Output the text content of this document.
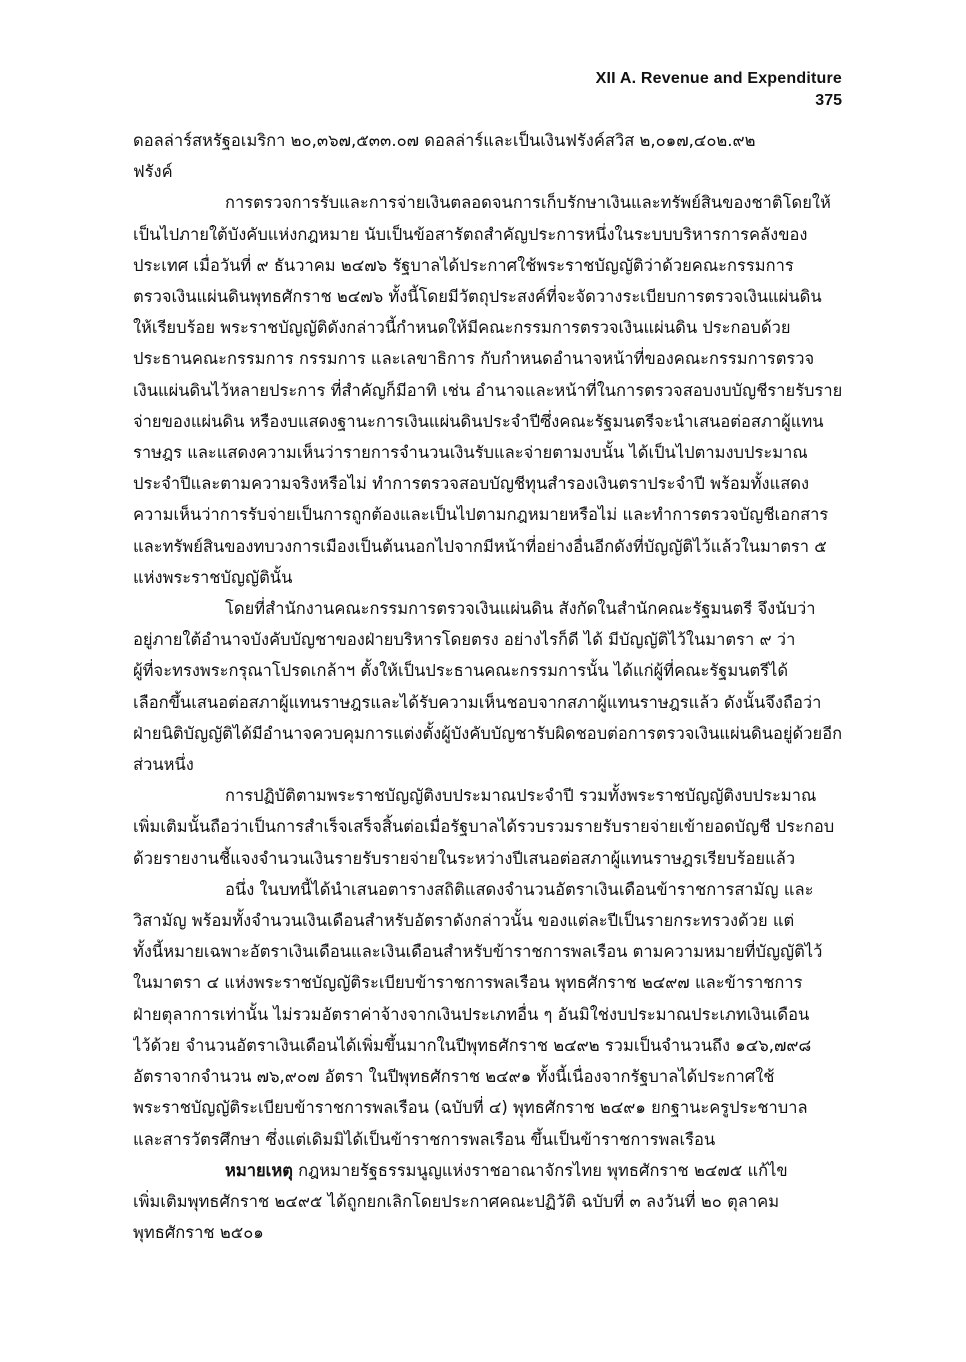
XII A. Revenue and Expenditure
375
ดอลล่าร์สหรัฐอเมริกา ๒๐,๓๖๗,๕๓๓.๐๗ ดอลล่าร์และเป็นเงินฟรังค์สวิส ๒,๐๑๗,๔๐๒.๙๒
ฟรังค์
การตรวจการรับและการจ่ายเงินตลอดจนการเก็บรักษาเงินและทรัพย์สินของชาติโดยให้
เป็นไปภายใต้บังคับแห่งกฎหมาย นับเป็นข้อสารัตถสำคัญประการหนึ่งในระบบบริหารการคลังของ
ประเทศ เมื่อวันที่ ๙ ธันวาคม ๒๔๗๖ รัฐบาลได้ประกาศใช้พระราชบัญญัติว่าด้วยคณะกรรมการ
ตรวจเงินแผ่นดินพุทธศักราช ๒๔๗๖ ทั้งนี้โดยมีวัตถุประสงค์ที่จะจัดวางระเบียบการตรวจเงินแผ่นดิน
ให้เรียบร้อย พระราชบัญญัติดังกล่าวนี้กำหนดให้มีคณะกรรมการตรวจเงินแผ่นดิน ประกอบด้วย
ประธานคณะกรรมการ กรรมการ และเลขาธิการ กับกำหนดอำนาจหน้าที่ของคณะกรรมการตรวจ
เงินแผ่นดินไว้หลายประการ ที่สำคัญก็มีอาทิ เช่น อำนาจและหน้าที่ในการตรวจสอบงบบัญชีรายรับราย
จ่ายของแผ่นดิน หรืองบแสดงฐานะการเงินแผ่นดินประจำปีซึ่งคณะรัฐมนตรีจะนำเสนอต่อสภาผู้แทน
ราษฎร และแสดงความเห็นว่ารายการจำนวนเงินรับและจ่ายตามงบนั้น ได้เป็นไปตามงบประมาณ
ประจำปีและตามความจริงหรือไม่ ทำการตรวจสอบบัญชีทุนสำรองเงินตราประจำปี พร้อมทั้งแสดง
ความเห็นว่าการรับจ่ายเป็นการถูกต้องและเป็นไปตามกฎหมายหรือไม่ และทำการตรวจบัญชีเอกสาร
และทรัพย์สินของทบวงการเมืองเป็นต้นนอกไปจากมีหน้าที่อย่างอื่นอีกดังที่บัญญัติไว้แล้วในมาตรา ๕
แห่งพระราชบัญญัตินั้น
โดยที่สำนักงานคณะกรรมการตรวจเงินแผ่นดิน สังกัดในสำนักคณะรัฐมนตรี จึงนับว่า
อยู่ภายใต้อำนาจบังคับบัญชาของฝ่ายบริหารโดยตรง อย่างไรก็ดี ได้ มีบัญญัติไว้ในมาตรา ๙ ว่า
ผู้ที่จะทรงพระกรุณาโปรดเกล้าฯ ตั้งให้เป็นประธานคณะกรรมการนั้น ได้แก่ผู้ที่คณะรัฐมนตรีได้
เลือกขึ้นเสนอต่อสภาผู้แทนราษฎรและได้รับความเห็นชอบจากสภาผู้แทนราษฎรแล้ว ดังนั้นจึงถือว่า
ฝ่ายนิติบัญญัติได้มีอำนาจควบคุมการแต่งตั้งผู้บังคับบัญชารับผิดชอบต่อการตรวจเงินแผ่นดินอยู่ด้วยอีก
ส่วนหนึ่ง
การปฏิบัติตามพระราชบัญญัติงบประมาณประจำปี รวมทั้งพระราชบัญญัติงบประมาณ
เพิ่มเติมนั้นถือว่าเป็นการสำเร็จเสร็จสิ้นต่อเมื่อรัฐบาลได้รวบรวมรายรับรายจ่ายเข้ายอดบัญชี ประกอบ
ด้วยรายงานชี้แจงจำนวนเงินรายรับรายจ่ายในระหว่างปีเสนอต่อสภาผู้แทนราษฎรเรียบร้อยแล้ว
อนึ่ง ในบทนี้ได้นำเสนอตารางสถิติแสดงจำนวนอัตราเงินเดือนข้าราชการสามัญ และ
วิสามัญ พร้อมทั้งจำนวนเงินเดือนสำหรับอัตราดังกล่าวนั้น ของแต่ละปีเป็นรายกระทรวงด้วย แต่
ทั้งนี้หมายเฉพาะอัตราเงินเดือนและเงินเดือนสำหรับข้าราชการพลเรือน ตามความหมายที่บัญญัติไว้
ในมาตรา ๔ แห่งพระราชบัญญัติระเบียบข้าราชการพลเรือน พุทธศักราช ๒๔๙๗ และข้าราชการ
ฝ่ายตุลาการเท่านั้น ไม่รวมอัตราค่าจ้างจากเงินประเภทอื่น ๆ อันมิใช่งบประมาณประเภทเงินเดือน
ไว้ด้วย จำนวนอัตราเงินเดือนได้เพิ่มขึ้นมากในปีพุทธศักราช ๒๔๙๒ รวมเป็นจำนวนถึง ๑๔๖,๗๙๘
อัตราจากจำนวน ๗๖,๙๐๗ อัตรา ในปีพุทธศักราช ๒๔๙๑ ทั้งนี้เนื่องจากรัฐบาลได้ประกาศใช้
พระราชบัญญัติระเบียบข้าราชการพลเรือน (ฉบับที่ ๔) พุทธศักราช ๒๔๙๑ ยกฐานะครูประชาบาล
และสารวัตรศึกษา ซึ่งแต่เดิมมิได้เป็นข้าราชการพลเรือน ขึ้นเป็นข้าราชการพลเรือน
หมายเหตุ กฎหมายรัฐธรรมนูญแห่งราชอาณาจักรไทย พุทธศักราช ๒๔๗๕ แก้ไข
เพิ่มเติมพุทธศักราช ๒๔๙๕ ได้ถูกยกเลิกโดยประกาศคณะปฏิวัติ ฉบับที่ ๓ ลงวันที่ ๒๐ ตุลาคม
พุทธศักราช ๒๕๐๑
